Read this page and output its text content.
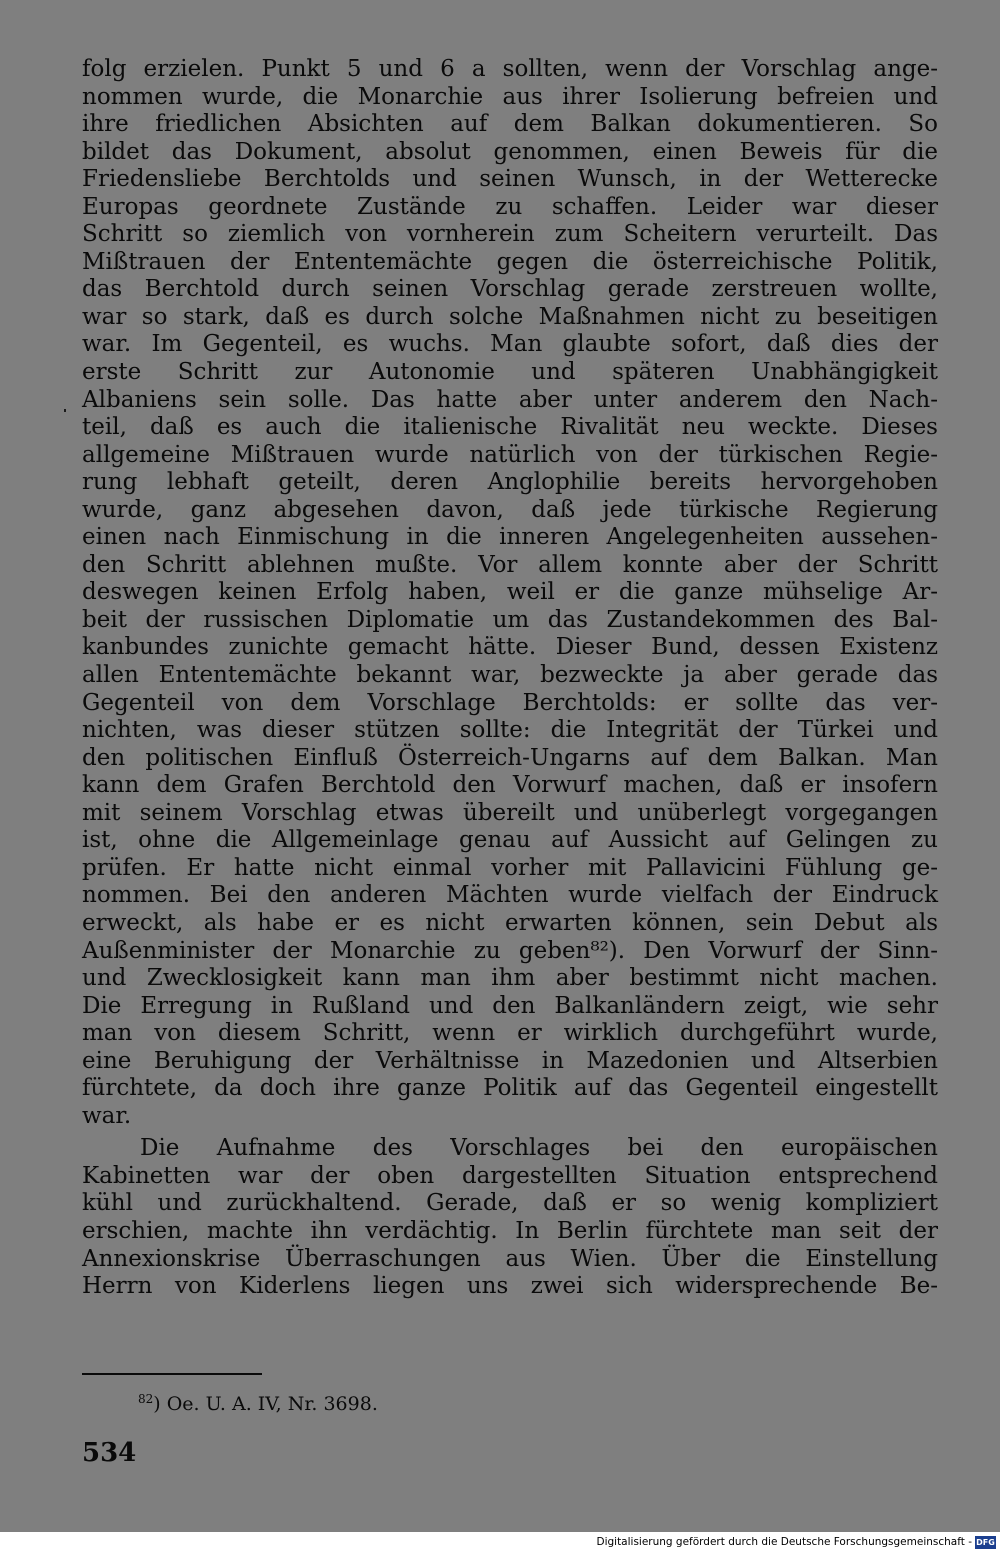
folg erzielen. Punkt 5 und 6 a sollten, wenn der Vorschlag ange-
nommen wurde, die Monarchie aus ihrer Isolierung befreien und
ihre friedlichen Absichten auf dem Balkan dokumentieren. So
bildet das Dokument, absolut genommen, einen Beweis für die
Friedensliebe Berchtolds und seinen Wunsch, in der Wetterecke
Europas geordnete Zustände zu schaffen. Leider war dieser
Schritt so ziemlich von vornherein zum Scheitern verurteilt. Das
Mißtrauen der Ententemächte gegen die österreichische Politik,
das Berchtold durch seinen Vorschlag gerade zerstreuen wollte,
war so stark, daß es durch solche Maßnahmen nicht zu beseitigen
war. Im Gegenteil, es wuchs. Man glaubte sofort, daß dies der
erste Schritt zur Autonomie und späteren Unabhängigkeit
Albaniens sein solle. Das hatte aber unter anderem den Nach-
teil, daß es auch die italienische Rivalität neu weckte. Dieses
allgemeine Mißtrauen wurde natürlich von der türkischen Regie-
rung lebhaft geteilt, deren Anglophilie bereits hervorgehoben
wurde, ganz abgesehen davon, daß jede türkische Regierung
einen nach Einmischung in die inneren Angelegenheiten aussehen-
den Schritt ablehnen mußte. Vor allem konnte aber der Schritt
deswegen keinen Erfolg haben, weil er die ganze mühselige Ar-
beit der russischen Diplomatie um das Zustandekommen des Bal-
kanbundes zunichte gemacht hätte. Dieser Bund, dessen Existenz
allen Ententemächte bekannt war, bezweckte ja aber gerade das
Gegenteil von dem Vorschlage Berchtolds: er sollte das ver-
nichten, was dieser stützen sollte: die Integrität der Türkei und
den politischen Einfluß Österreich-Ungarns auf dem Balkan. Man
kann dem Grafen Berchtold den Vorwurf machen, daß er insofern
mit seinem Vorschlag etwas übereilt und unüberlegt vorgegangen
ist, ohne die Allgemeinlage genau auf Aussicht auf Gelingen zu
prüfen. Er hatte nicht einmal vorher mit Pallavicini Fühlung ge-
nommen. Bei den anderen Mächten wurde vielfach der Eindruck
erweckt, als habe er es nicht erwarten können, sein Debut als
Außenminister der Monarchie zu geben⁸²). Den Vorwurf der Sinn-
und Zwecklosigkeit kann man ihm aber bestimmt nicht machen.
Die Erregung in Rußland und den Balkanländern zeigt, wie sehr
man von diesem Schritt, wenn er wirklich durchgeführt wurde,
eine Beruhigung der Verhältnisse in Mazedonien und Altserbien
fürchtete, da doch ihre ganze Politik auf das Gegenteil eingestellt
war.
Die Aufnahme des Vorschlages bei den europäischen
Kabinetten war der oben dargestellten Situation entsprechend
kühl und zurückhaltend. Gerade, daß er so wenig kompliziert
erschien, machte ihn verdächtig. In Berlin fürchtete man seit der
Annexionskrise Überraschungen aus Wien. Über die Einstellung
Herrn von Kiderlens liegen uns zwei sich widersprechende Be-
$^{82}$) Oe. U. A. IV, Nr. 3698.
534
Digitalisierung gefördert durch die Deutsche Forschungsgemeinschaft - DFG
